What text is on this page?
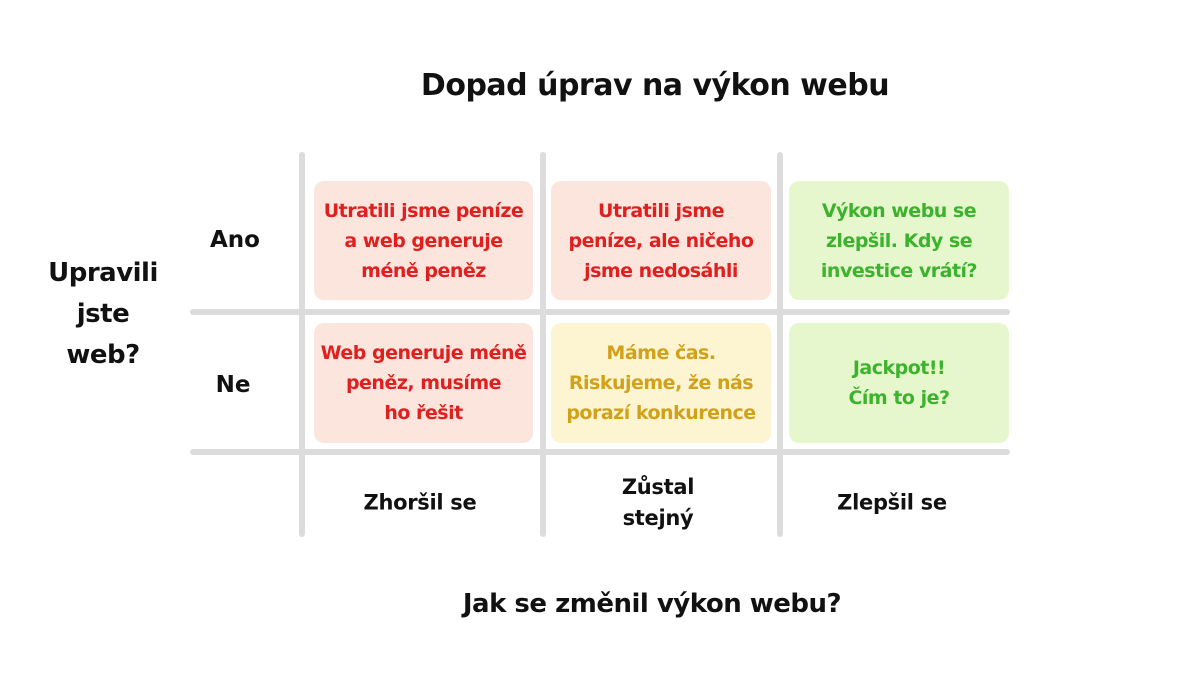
Dopad úprav na výkon webu
Upravili
jste
web?
Ano
Ne
Utratili jsme peníze
a web generuje
méně peněz
Utratili jsme
peníze, ale ničeho
jsme nedosáhli
Výkon webu se
zlepšil. Kdy se
investice vrátí?
Web generuje méně
peněz, musíme
ho řešit
Máme čas.
Riskujeme, že nás
porazí konkurence
Jackpot!!
Čím to je?
Zhoršil se
Zůstal
stejný
Zlepšil se
Jak se změnil výkon webu?
